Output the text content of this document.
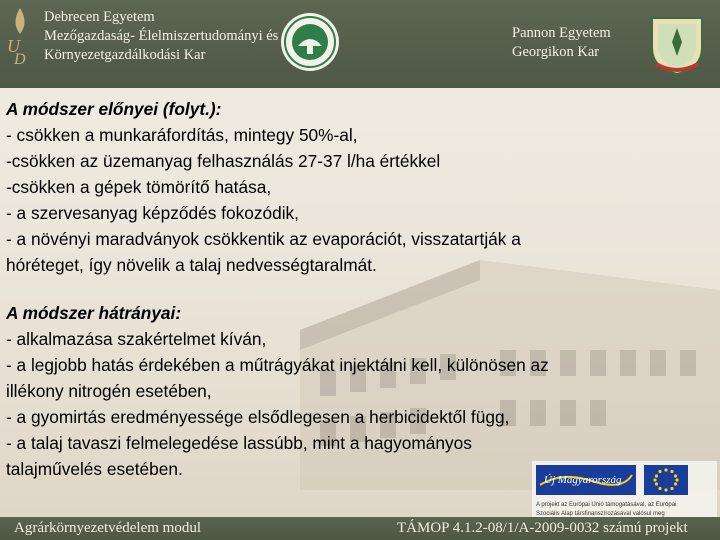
U
D
Debrecen Egyetem
Mezőgazdaság- Élelmiszertudományi és
Környezetgazdálkodási Kar
Pannon Egyetem
Georgikon Kar
A módszer előnyei (folyt.):
- csökken a munkaráfordítás, mintegy 50%-al,
-csökken az üzemanyag felhasználás 27-37 l/ha értékkel
-csökken a gépek tömörítő hatása,
- a szervesanyag képződés fokozódik,
- a növényi maradványok csökkentik az evaporációt, visszatartják a
hóréteget, így növelik a talaj nedvességtaralmát.
A módszer hátrányai:
- alkalmazása szakértelmet kíván,
- a legjobb hatás érdekében a műtrágyákat injektálni kell, különösen az
illékony nitrogén esetében,
- a gyomirtás eredményessége elsődlegesen a herbicidektől függ,
- a talaj tavaszi felmelegedése lassúbb, mint a hagyományos
talajművelés esetében.
Új Magyarország
A projekt az Európai Unió támogatásával, az Európai
Szociális Alap társfinanszírozásával valósul meg
Agrárkörnyezetvédelem modul	TÁMOP 4.1.2-08/1/A-2009-0032 számú projekt
